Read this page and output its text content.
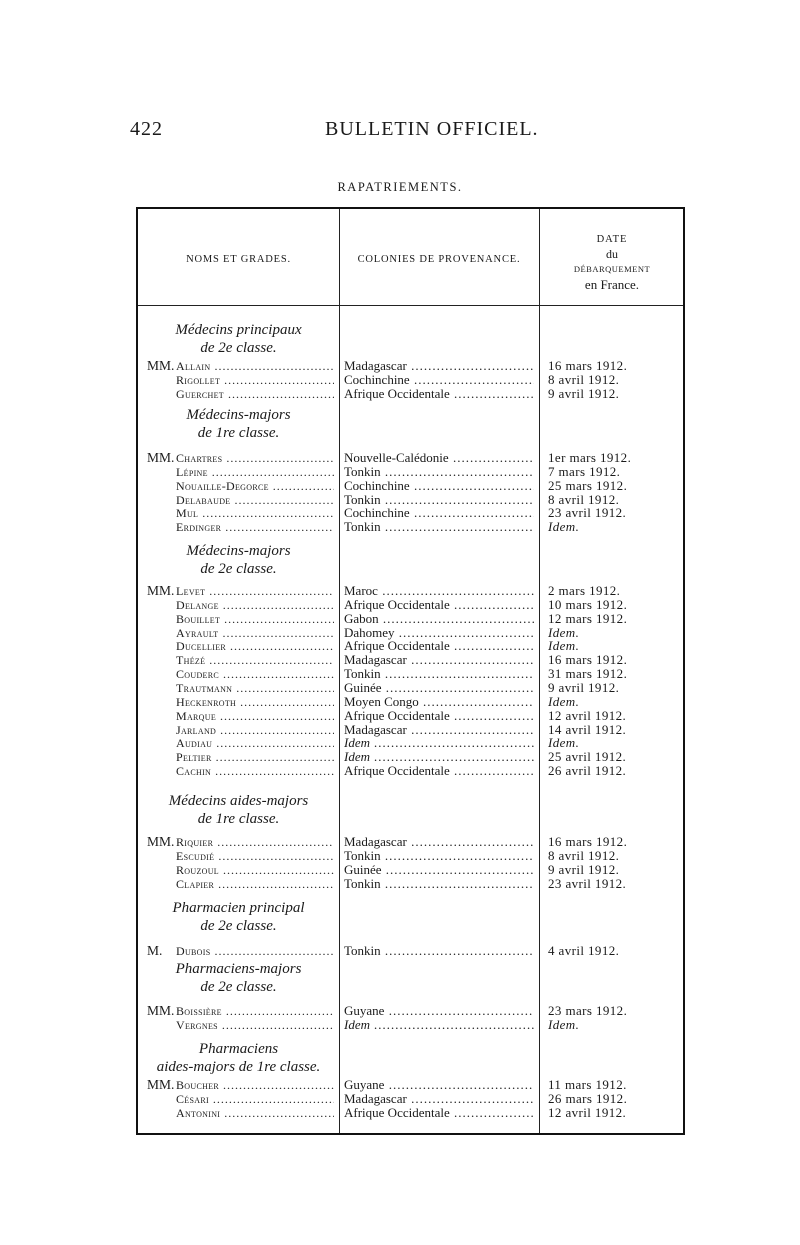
422	BULLETIN OFFICIEL.
RAPATRIEMENTS.
NOMS ET GRADES.	COLONIES DE PROVENANCE.
DATE
du
DÉBARQUEMENT
en France.
Médecins principaux
de 2e classe.
MM. Allain .....	Madagascar .....	16 mars 1912.
Rigollet .....	Cochinchine .....	8 avril 1912.
Guerchet .....	Afrique Occidentale .....	9 avril 1912.
Médecins-majors
de 1re classe.
MM. Chartres .....	Nouvelle-Calédonie .....	1er mars 1912.
Lépine .....	Tonkin .....	7 mars 1912.
Nouaille-Degorce .....	Cochinchine .....	25 mars 1912.
Delabaude .....	Tonkin .....	8 avril 1912.
Mul .....	Cochinchine .....	23 avril 1912.
Erdinger .....	Tonkin .....	Idem.
Médecins-majors
de 2e classe.
MM. Levet .....	Maroc .....	2 mars 1912.
Delange .....	Afrique Occidentale .....	10 mars 1912.
Bouillet .....	Gabon .....	12 mars 1912.
Ayrault .....	Dahomey .....	Idem.
Ducellier .....	Afrique Occidentale .....	Idem.
Thézé .....	Madagascar .....	16 mars 1912.
Couderc .....	Tonkin .....	31 mars 1912.
Trautmann .....	Guinée .....	9 avril 1912.
Heckenroth .....	Moyen Congo .....	Idem.
Marque .....	Afrique Occidentale .....	12 avril 1912.
Jarland .....	Madagascar .....	14 avril 1912.
Audiau .....	Idem .....	Idem.
Peltier .....	Idem .....	25 avril 1912.
Cachin .....	Afrique Occidentale .....	26 avril 1912.
Médecins aides-majors
de 1re classe.
MM. Riquier .....	Madagascar .....	16 mars 1912.
Escudié .....	Tonkin .....	8 avril 1912.
Rouzoul .....	Guinée .....	9 avril 1912.
Clapier .....	Tonkin .....	23 avril 1912.
Pharmacien principal
de 2e classe.
M. Dubois .....	Tonkin .....	4 avril 1912.
Pharmaciens-majors
de 2e classe.
MM. Boissière .....	Guyane .....	23 mars 1912.
Vergnes .....	Idem .....	Idem.
Pharmaciens
aides-majors de 1re classe.
MM. Boucher .....	Guyane .....	11 mars 1912.
Césari .....	Madagascar .....	26 mars 1912.
Antonini .....	Afrique Occidentale .....	12 avril 1912.
